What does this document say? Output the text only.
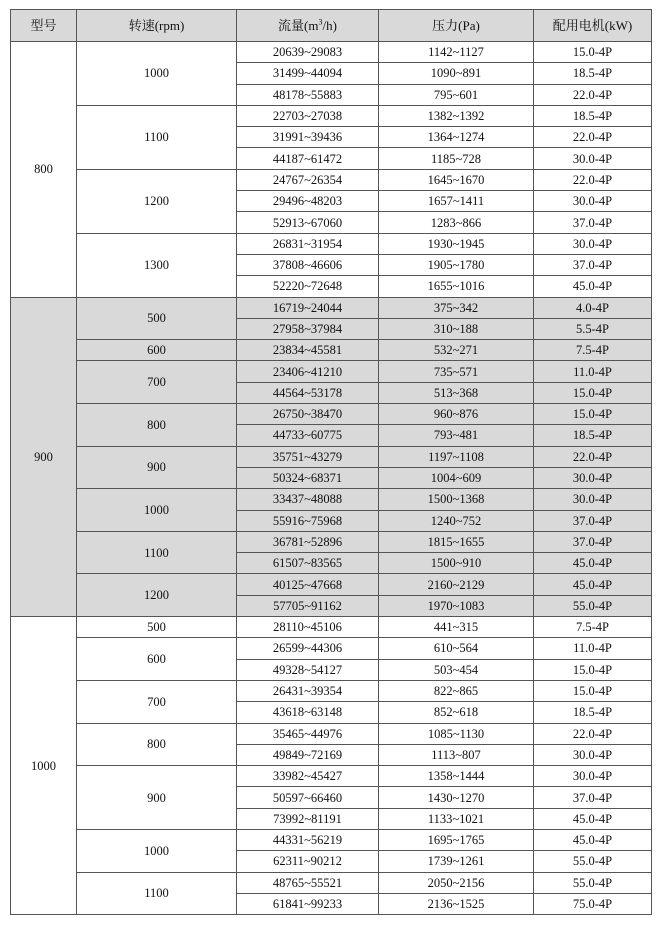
型号	转速(rpm)	流量$(m^3/h)$	压力(Pa)	配用电机(kW)
800	1000	20639~29083	1142~1127	15.0-4P
		31499~44094	1090~891	18.5-4P
		48178~55883	795~601	22.0-4P
	1100	22703~27038	1382~1392	18.5-4P
		31991~39436	1364~1274	22.0-4P
		44187~61472	1185~728	30.0-4P
	1200	24767~26354	1645~1670	22.0-4P
		29496~48203	1657~1411	30.0-4P
		52913~67060	1283~866	37.0-4P
	1300	26831~31954	1930~1945	30.0-4P
		37808~46606	1905~1780	37.0-4P
		52220~72648	1655~1016	45.0-4P
900	500	16719~24044	375~342	4.0-4P
		27958~37984	310~188	5.5-4P
	600	23834~45581	532~271	7.5-4P
	700	23406~41210	735~571	11.0-4P
		44564~53178	513~368	15.0-4P
	800	26750~38470	960~876	15.0-4P
		44733~60775	793~481	18.5-4P
	900	35751~43279	1197~1108	22.0-4P
		50324~68371	1004~609	30.0-4P
	1000	33437~48088	1500~1368	30.0-4P
		55916~75968	1240~752	37.0-4P
	1100	36781~52896	1815~1655	37.0-4P
		61507~83565	1500~910	45.0-4P
	1200	40125~47668	2160~2129	45.0-4P
		57705~91162	1970~1083	55.0-4P
1000	500	28110~45106	441~315	7.5-4P
	600	26599~44306	610~564	11.0-4P
		49328~54127	503~454	15.0-4P
	700	26431~39354	822~865	15.0-4P
		43618~63148	852~618	18.5-4P
	800	35465~44976	1085~1130	22.0-4P
		49849~72169	1113~807	30.0-4P
	900	33982~45427	1358~1444	30.0-4P
		50597~66460	1430~1270	37.0-4P
		73992~81191	1133~1021	45.0-4P
	1000	44331~56219	1695~1765	45.0-4P
		62311~90212	1739~1261	55.0-4P
	1100	48765~55521	2050~2156	55.0-4P
		61841~99233	2136~1525	75.0-4P
